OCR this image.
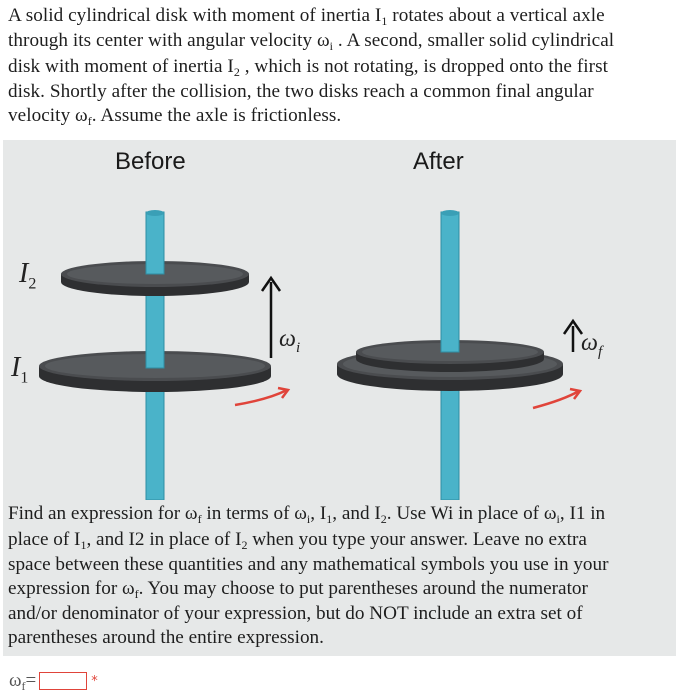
A solid cylindrical disk with moment of inertia $I_1$ rotates about a vertical axle
through its center with angular velocity $\omega_i$ . A second, smaller solid cylindrical
disk with moment of inertia $I_2$ , which is not rotating, is dropped onto the first
disk. Shortly after the collision, the two disks reach a common final angular
velocity $\omega_f$. Assume the axle is frictionless.
Before	After
$I_2$
$I_1$
$\omega_i$	$\omega_f$
Find an expression for $\omega_f$ in terms of $\omega_i$, $I_1$, and $I_2$. Use Wi in place of $\omega_i$, I1 in
place of $I_1$, and I2 in place of $I_2$ when you type your answer. Leave no extra
space between these quantities and any mathematical symbols you use in your
expression for $\omega_f$. You may choose to put parentheses around the numerator
and/or denominator of your expression, but do NOT include an extra set of
parentheses around the entire expression.
$\omega_f=$	*
